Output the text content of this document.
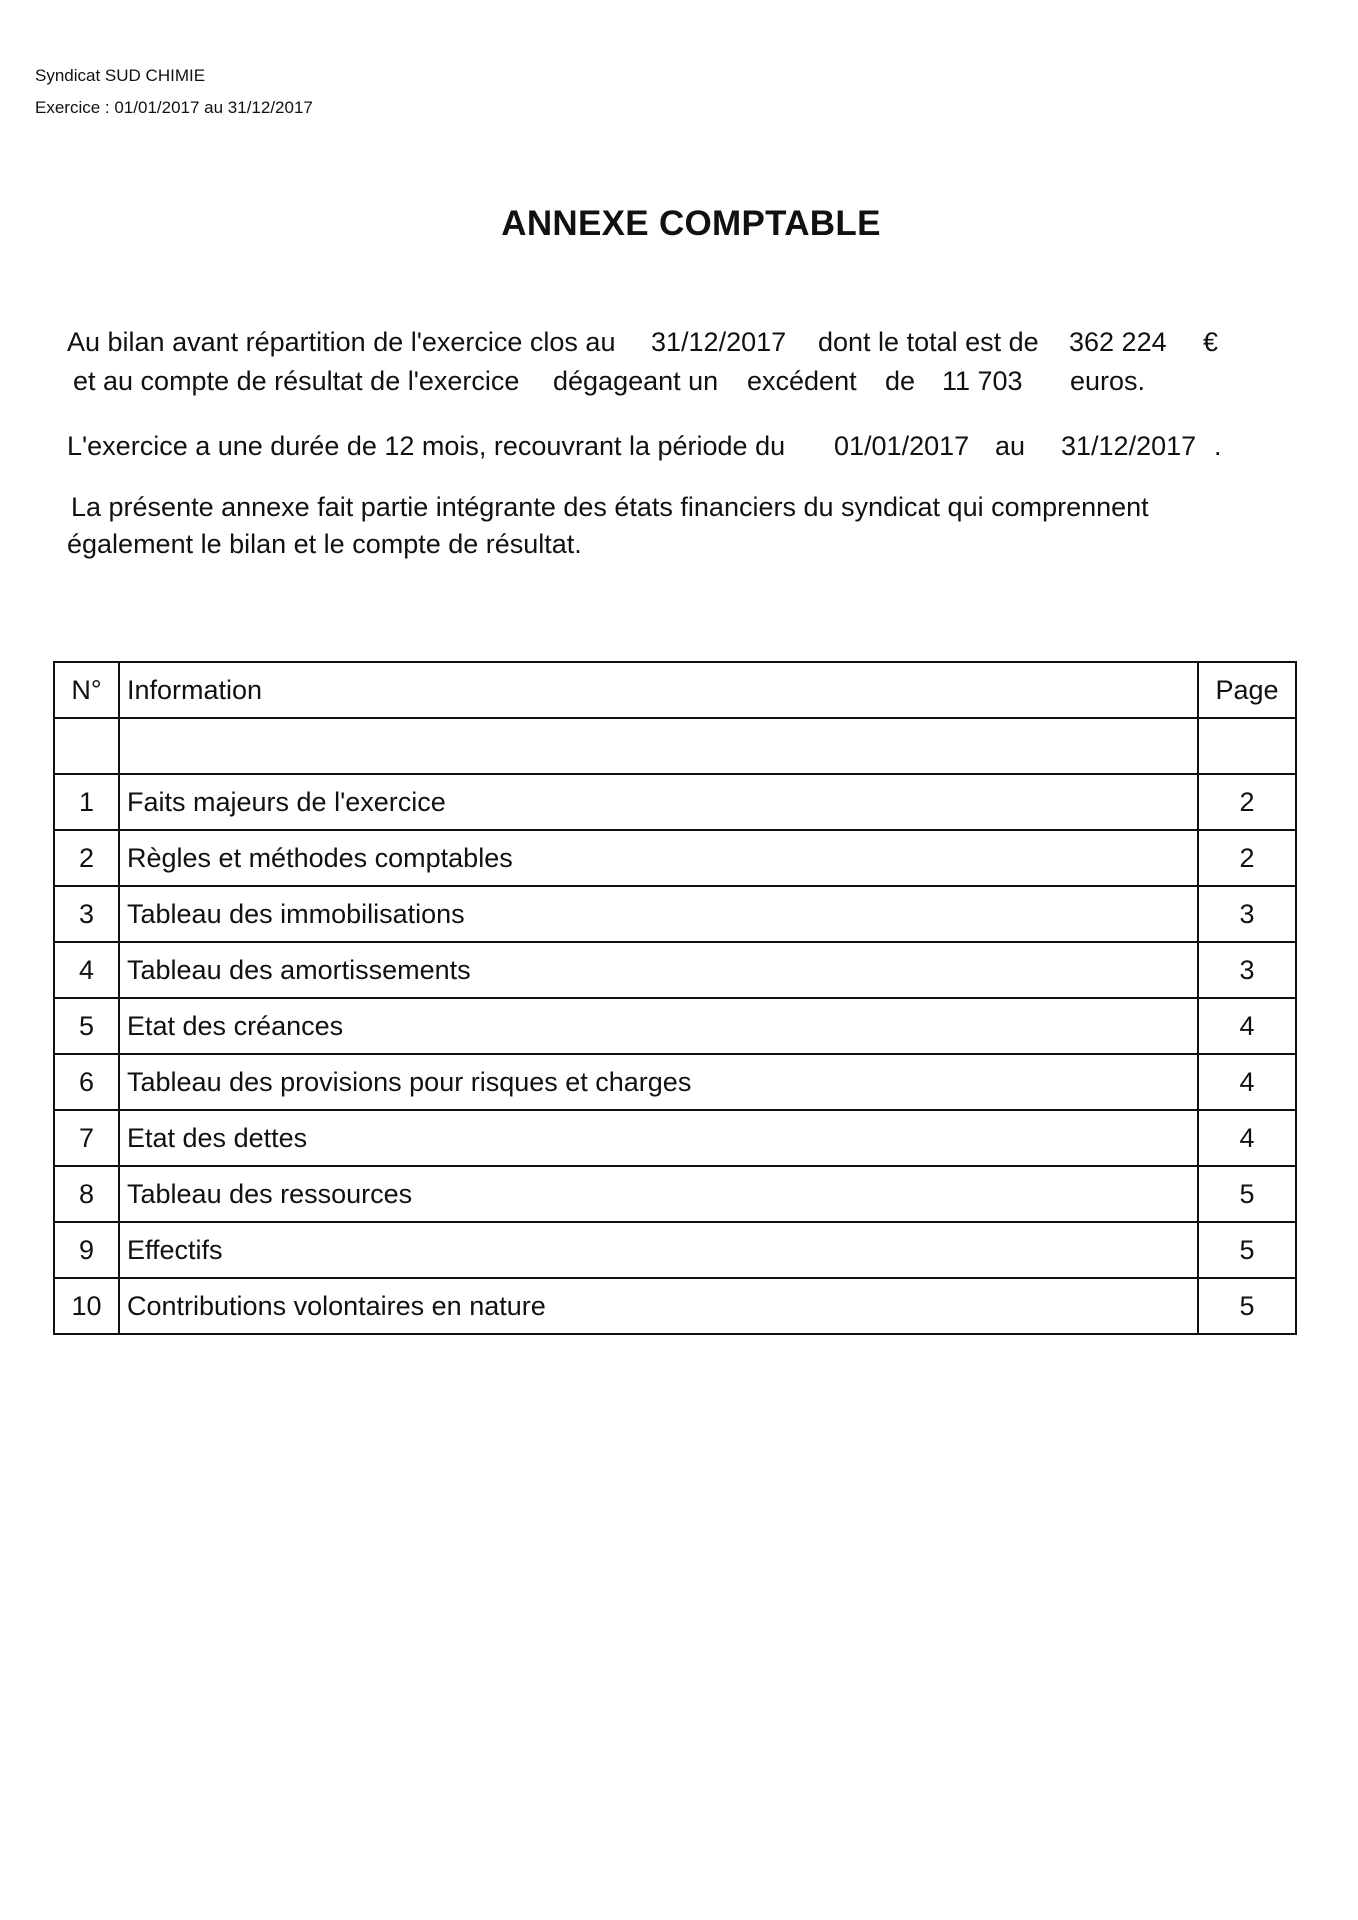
Syndicat SUD CHIMIE
Exercice : 01/01/2017 au 31/12/2017
ANNEXE COMPTABLE
Au bilan avant répartition de l'exercice clos au 31/12/2017 dont le total est de 362 224 €
et au compte de résultat de l'exercice dégageant un excédent de 11 703 euros.
L'exercice a une durée de 12 mois, recouvrant la période du 01/01/2017 au 31/12/2017 .
La présente annexe fait partie intégrante des états financiers du syndicat qui comprennent
également le bilan et le compte de résultat.
N°	Information	Page

1	Faits majeurs de l'exercice	2
2	Règles et méthodes comptables	2
3	Tableau des immobilisations	3
4	Tableau des amortissements	3
5	Etat des créances	4
6	Tableau des provisions pour risques et charges	4
7	Etat des dettes	4
8	Tableau des ressources	5
9	Effectifs	5
10	Contributions volontaires en nature	5
